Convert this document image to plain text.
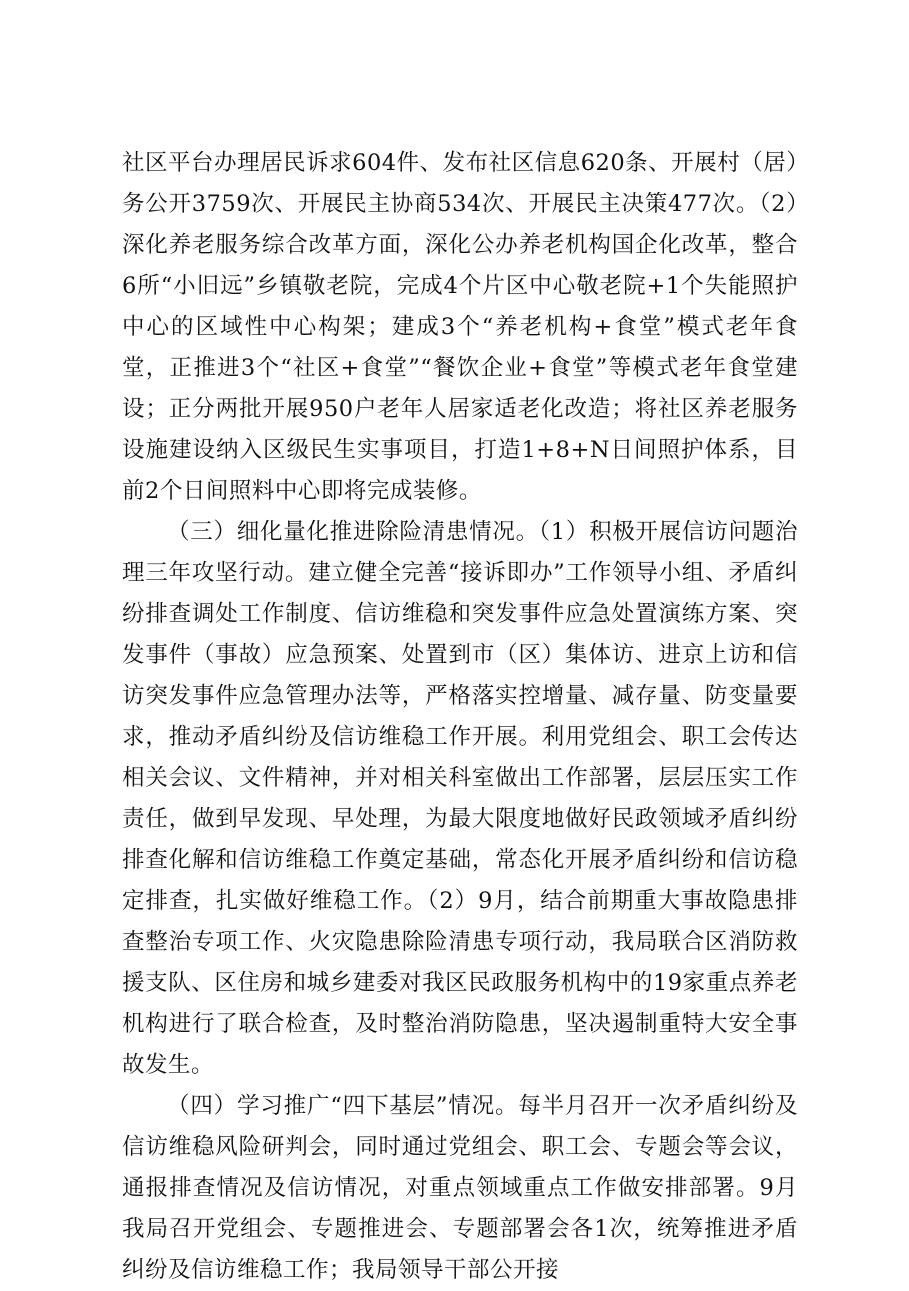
社区平台办理居民诉求604件、发布社区信息620条、开展村（居）务公开3759次、开展民主协商534次、开展民主决策477次。（2）深化养老服务综合改革方面，深化公办养老机构国企化改革，整合6所“小旧远”乡镇敬老院，完成4个片区中心敬老院+1个失能照护中心的区域性中心构架；建成3个“养老机构+食堂”模式老年食堂，正推进3个“社区+食堂”“餐饮企业+食堂”等模式老年食堂建设；正分两批开展950户老年人居家适老化改造；将社区养老服务设施建设纳入区级民生实事项目，打造1+8+N日间照护体系，目前2个日间照料中心即将完成装修。

（三）细化量化推进除险清患情况。（1）积极开展信访问题治理三年攻坚行动。建立健全完善“接诉即办”工作领导小组、矛盾纠纷排查调处工作制度、信访维稳和突发事件应急处置演练方案、突发事件（事故）应急预案、处置到市（区）集体访、进京上访和信访突发事件应急管理办法等，严格落实控增量、减存量、防变量要求，推动矛盾纠纷及信访维稳工作开展。利用党组会、职工会传达相关会议、文件精神，并对相关科室做出工作部署，层层压实工作责任，做到早发现、早处理，为最大限度地做好民政领域矛盾纠纷排查化解和信访维稳工作奠定基础，常态化开展矛盾纠纷和信访稳定排查，扎实做好维稳工作。（2）9月，结合前期重大事故隐患排查整治专项工作、火灾隐患除险清患专项行动，我局联合区消防救援支队、区住房和城乡建委对我区民政服务机构中的19家重点养老机构进行了联合检查，及时整治消防隐患，坚决遏制重特大安全事故发生。

（四）学习推广“四下基层”情况。每半月召开一次矛盾纠纷及信访维稳风险研判会，同时通过党组会、职工会、专题会等会议，通报排查情况及信访情况，对重点领域重点工作做安排部署。9月我局召开党组会、专题推进会、专题部署会各1次，统筹推进矛盾纠纷及信访维稳工作；我局领导干部公开接
